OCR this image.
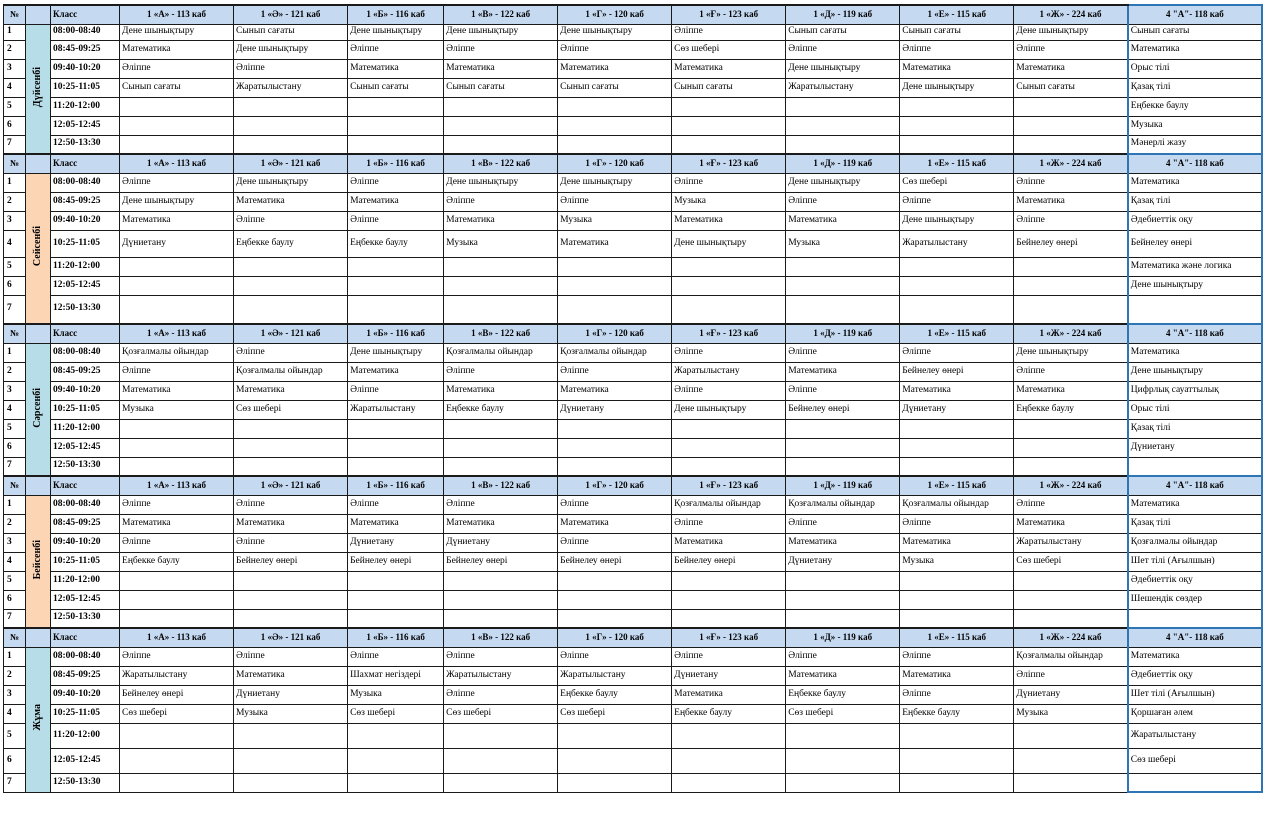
№		Класс	1 «А» - 113 каб	1 «Ә» - 121 каб	1 «Б» - 116 каб	1 «В» - 122 каб	1 «Г» - 120 каб	1 «Ғ» - 123 каб	1 «Д» - 119 каб	1 «Е» - 115 каб	1 «Ж» - 224 каб	4 "А"- 118 каб
1	Дүйсенбі	08:00-08:40	Дене шынықтыру	Сынып сағаты	Дене шынықтыру	Дене шынықтыру	Дене шынықтыру	Әліппе	Сынып сағаты	Сынып сағаты	Дене шынықтыру	Сынып сағаты
2		08:45-09:25	Математика	Дене шынықтыру	Әліппе	Әліппе	Әліппе	Сөз шебері	Әліппе	Әліппе	Әліппе	Математика
3		09:40-10:20	Әліппе	Әліппе	Математика	Математика	Математика	Математика	Дене шынықтыру	Математика	Математика	Орыс тілі
4		10:25-11:05	Сынып сағаты	Жаратылыстану	Сынып сағаты	Сынып сағаты	Сынып сағаты	Сынып сағаты	Жаратылыстану	Дене шынықтыру	Сынып сағаты	Қазақ тілі
5		11:20-12:00										Еңбекке баулу
6		12:05-12:45										Музыка
7		12:50-13:30										Мәнерлі жазу
№		Класс	1 «А» - 113 каб	1 «Ә» - 121 каб	1 «Б» - 116 каб	1 «В» - 122 каб	1 «Г» - 120 каб	1 «Ғ» - 123 каб	1 «Д» - 119 каб	1 «Е» - 115 каб	1 «Ж» - 224 каб	4 "А"- 118 каб
1	Сейсенбі	08:00-08:40	Әліппе	Дене шынықтыру	Әліппе	Дене шынықтыру	Дене шынықтыру	Әліппе	Дене шынықтыру	Сөз шебері	Әліппе	Математика
2		08:45-09:25	Дене шынықтыру	Математика	Математика	Әліппе	Әліппе	Музыка	Әліппе	Әліппе	Математика	Қазақ тілі
3		09:40-10:20	Математика	Әліппе	Әліппе	Математика	Музыка	Математика	Математика	Дене шынықтыру	Әліппе	Әдебиеттік оқу
4		10:25-11:05	Дүниетану	Еңбекке баулу	Еңбекке баулу	Музыка	Математика	Дене шынықтыру	Музыка	Жаратылыстану	Бейнелеу өнері	Бейнелеу өнері
5		11:20-12:00										Математика және логика
6		12:05-12:45										Дене шынықтыру
7		12:50-13:30										
№		Класс	1 «А» - 113 каб	1 «Ә» - 121 каб	1 «Б» - 116 каб	1 «В» - 122 каб	1 «Г» - 120 каб	1 «Ғ» - 123 каб	1 «Д» - 119 каб	1 «Е» - 115 каб	1 «Ж» - 224 каб	4 "А"- 118 каб
1	Сәрсенбі	08:00-08:40	Қозғалмалы ойындар	Әліппе	Дене шынықтыру	Қозғалмалы ойындар	Қозғалмалы ойындар	Әліппе	Әліппе	Әліппе	Дене шынықтыру	Математика
2		08:45-09:25	Әліппе	Қозғалмалы ойындар	Математика	Әліппе	Әліппе	Жаратылыстану	Математика	Бейнелеу өнері	Әліппе	Дене шынықтыру
3		09:40-10:20	Математика	Математика	Әліппе	Математика	Математика	Әліппе	Әліппе	Математика	Математика	Цифрлық сауаттылық
4		10:25-11:05	Музыка	Сөз шебері	Жаратылыстану	Еңбекке баулу	Дүниетану	Дене шынықтыру	Бейнелеу өнері	Дүниетану	Еңбекке баулу	Орыс тілі
5		11:20-12:00										Қазақ тілі
6		12:05-12:45										Дүниетану
7		12:50-13:30										
№		Класс	1 «А» - 113 каб	1 «Ә» - 121 каб	1 «Б» - 116 каб	1 «В» - 122 каб	1 «Г» - 120 каб	1 «Ғ» - 123 каб	1 «Д» - 119 каб	1 «Е» - 115 каб	1 «Ж» - 224 каб	4 "А"- 118 каб
1	Бейсенбі	08:00-08:40	Әліппе	Әліппе	Әліппе	Әліппе	Әліппе	Қозғалмалы ойындар	Қозғалмалы ойындар	Қозғалмалы ойындар	Әліппе	Математика
2		08:45-09:25	Математика	Математика	Математика	Математика	Математика	Әліппе	Әліппе	Әліппе	Математика	Қазақ тілі
3		09:40-10:20	Әліппе	Әліппе	Дүниетану	Дүниетану	Әліппе	Математика	Математика	Математика	Жаратылыстану	Қозғалмалы ойындар
4		10:25-11:05	Еңбекке баулу	Бейнелеу өнері	Бейнелеу өнері	Бейнелеу өнері	Бейнелеу өнері	Бейнелеу өнері	Дүниетану	Музыка	Сөз шебері	Шет тілі (Ағылшын)
5		11:20-12:00										Әдебиеттік оқу
6		12:05-12:45										Шешендік сөздер
7		12:50-13:30										
№		Класс	1 «А» - 113 каб	1 «Ә» - 121 каб	1 «Б» - 116 каб	1 «В» - 122 каб	1 «Г» - 120 каб	1 «Ғ» - 123 каб	1 «Д» - 119 каб	1 «Е» - 115 каб	1 «Ж» - 224 каб	4 "А"- 118 каб
1	Жұма	08:00-08:40	Әліппе	Әліппе	Әліппе	Әліппе	Әліппе	Әліппе	Әліппе	Әліппе	Қозғалмалы ойындар	Математика
2		08:45-09:25	Жаратылыстану	Математика	Шахмат негіздері	Жаратылыстану	Жаратылыстану	Дүниетану	Математика	Математика	Әліппе	Әдебиеттік оқу
3		09:40-10:20	Бейнелеу өнері	Дүниетану	Музыка	Әліппе	Еңбекке баулу	Математика	Еңбекке баулу	Әліппе	Дүниетану	Шет тілі (Ағылшын)
4		10:25-11:05	Сөз шебері	Музыка	Сөз шебері	Сөз шебері	Сөз шебері	Еңбекке баулу	Сөз шебері	Еңбекке баулу	Музыка	Қоршаған әлем
5		11:20-12:00										Жаратылыстану
6		12:05-12:45										Сөз шебері
7		12:50-13:30										
